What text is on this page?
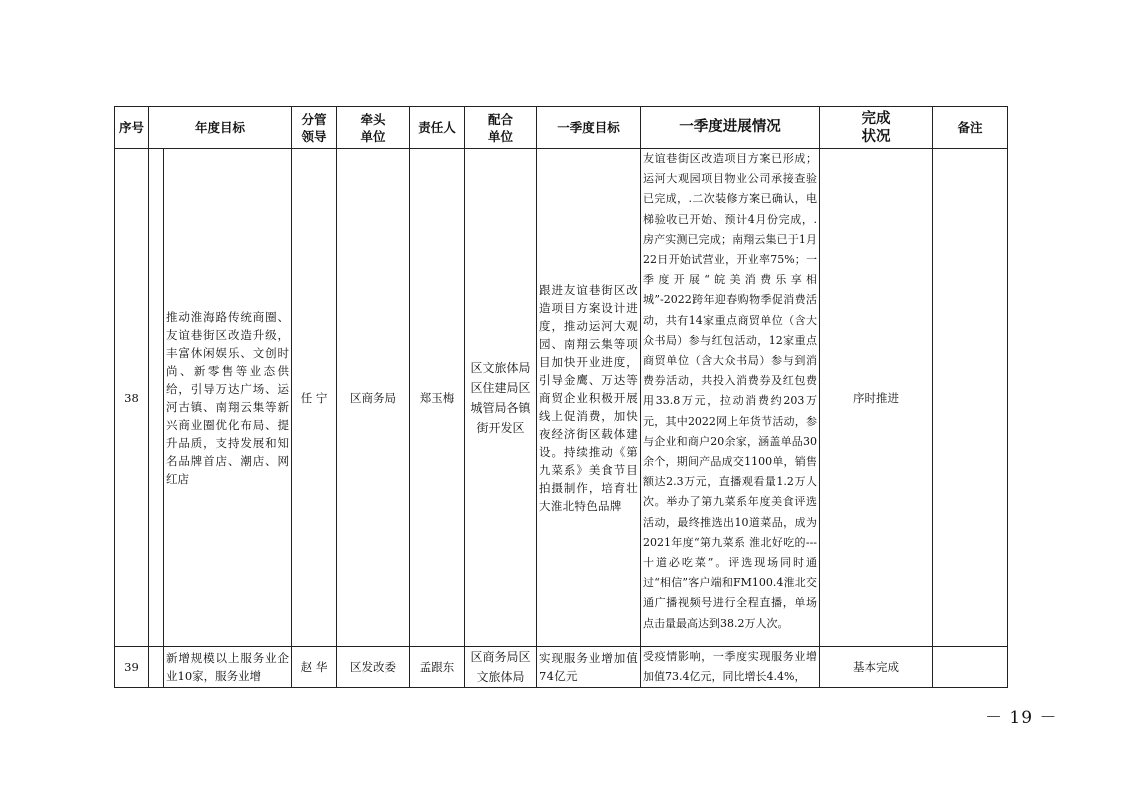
序号	年度目标		分管领导	牵头单位	责任人	配合单位	一季度目标	一季度进展情况	完成状况	备注
38		推动淮海路传统商圈、友谊巷街区改造升级，丰富休闲娱乐、文创时尚、新零售等业态供给，引导万达广场、运河古镇、南翔云集等新兴商业圈优化布局、提升品质，支持发展和知名品牌首店、潮店、网红店	任 宁	区商务局	郑玉梅	区文旅体局区住建局区城管局各镇街开发区	跟进友谊巷街区改造项目方案设计进度，推动运河大观园、南翔云集等项目加快开业进度，引导金鹰、万达等商贸企业积极开展线上促消费，加快夜经济街区载体建设。持续推动《第九菜系》美食节目拍摄制作，培育壮大淮北特色品牌	友谊巷街区改造项目方案已形成；运河大观园项目物业公司承接查验已完成，.二次装修方案已确认，电梯验收已开始、预计4月份完成，.房产实测已完成；南翔云集已于1月22日开始试营业，开业率75%；一季度开展“皖美消费乐享相城”-2022跨年迎春购物季促消费活动，共有14家重点商贸单位（含大众书局）参与红包活动，12家重点商贸单位（含大众书局）参与到消费券活动，共投入消费券及红包费用33.8万元，拉动消费约203万元，其中2022网上年货节活动，参与企业和商户20余家，涵盖单品30余个，期间产品成交1100单，销售额达2.3万元，直播观看量1.2万人次。举办了第九菜系年度美食评选活动，最终推选出10道菜品，成为2021年度“第九菜系 淮北好吃的---十道必吃菜”。评选现场同时通过“相信”客户端和FM100.4淮北交通广播视频号进行全程直播，单场点击量最高达到38.2万人次。	序时推进	
39		新增规模以上服务业企业10家，服务业增	赵 华	区发改委	孟跟东	区商务局区文旅体局	实现服务业增加值74亿元	受疫情影响，一季度实现服务业增加值73.4亿元，同比增长4.4%，	基本完成	
－ 19 －
